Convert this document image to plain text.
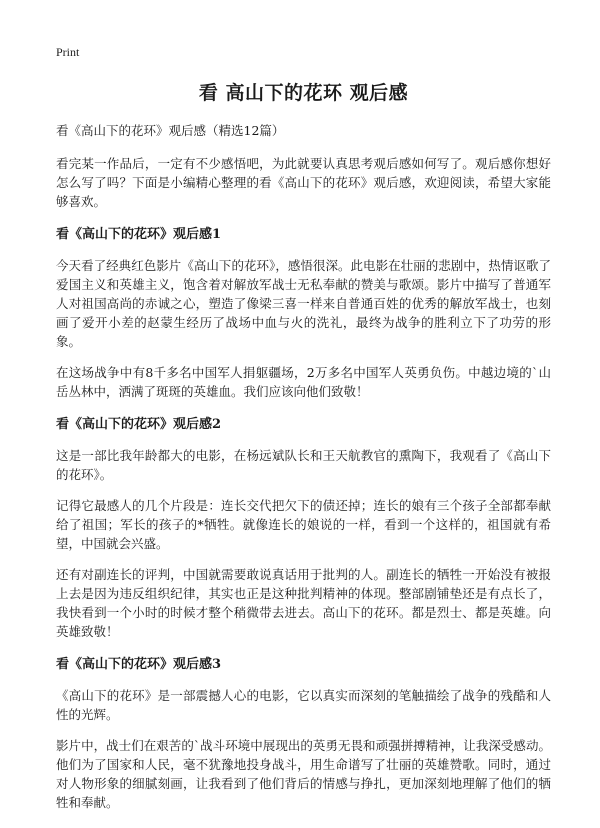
Print
看 高山下的花环 观后感
看《高山下的花环》观后感（精选12篇）

看完某一作品后，一定有不少感悟吧，为此就要认真思考观后感如何写了。观后感你想好怎么写了吗？下面是小编精心整理的看《高山下的花环》观后感，欢迎阅读，希望大家能够喜欢。

看《高山下的花环》观后感1

今天看了经典红色影片《高山下的花环》，感悟很深。此电影在壮丽的悲剧中，热情讴歌了爱国主义和英雄主义，饱含着对解放军战士无私奉献的赞美与歌颂。影片中描写了普通军人对祖国高尚的赤诚之心，塑造了像梁三喜一样来自普通百姓的优秀的解放军战士，也刻画了爱开小差的赵蒙生经历了战场中血与火的洗礼，最终为战争的胜利立下了功劳的形象。

在这场战争中有8千多名中国军人捐躯疆场，2万多名中国军人英勇负伤。中越边境的`山岳丛林中，洒满了斑斑的英雄血。我们应该向他们致敬！

看《高山下的花环》观后感2

这是一部比我年龄都大的电影，在杨远斌队长和王天航教官的熏陶下，我观看了《高山下的花环》。

记得它最感人的几个片段是：连长交代把欠下的债还掉；连长的娘有三个孩子全部都奉献给了祖国；军长的孩子的*牺牲。就像连长的娘说的一样，看到一个这样的，祖国就有希望，中国就会兴盛。

还有对副连长的评判，中国就需要敢说真话用于批判的人。副连长的牺牲一开始没有被报上去是因为违反组织纪律，其实也正是这种批判精神的体现。整部剧铺垫还是有点长了，我快看到一个小时的时候才整个稍微带去进去。高山下的花环。都是烈士、都是英雄。向英雄致敬！

看《高山下的花环》观后感3

《高山下的花环》是一部震撼人心的电影，它以真实而深刻的笔触描绘了战争的残酷和人性的光辉。

影片中，战士们在艰苦的`战斗环境中展现出的英勇无畏和顽强拼搏精神，让我深受感动。他们为了国家和人民，毫不犹豫地投身战斗，用生命谱写了壮丽的英雄赞歌。同时，通过对人物形象的细腻刻画，让我看到了他们背后的情感与挣扎，更加深刻地理解了他们的牺牲和奉献。
